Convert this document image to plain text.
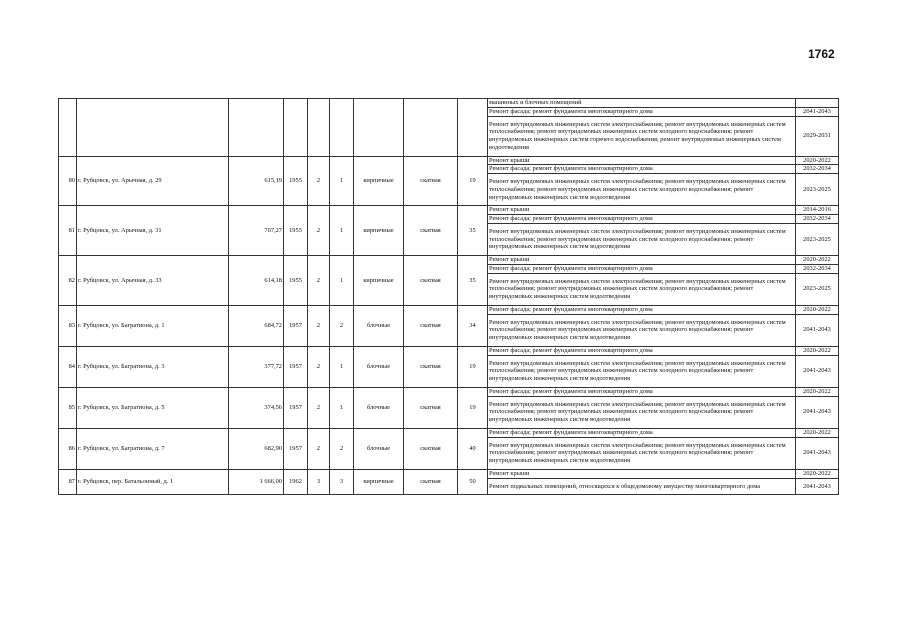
1762
									машинных и блочных помещений	
									Ремонт фасада; ремонт фундамента многоквартирного дома	2041-2043
									Ремонт внутридомовых инженерных систем электроснабжения; ремонт внутридомовых инженерных систем теплоснабжения; ремонт внутридомовых инженерных систем холодного водоснабжения; ремонт внутридомовых инженерных систем горячего водоснабжения; ремонт внутридомовых инженерных систем водоотведения	2029-2031
80	г. Рубцовск, ул. Арычная, д. 29	615,19	1955	2	1	кирпичные	скатная	19	Ремонт крыши	2020-2022
									Ремонт фасада; ремонт фундамента многоквартирного дома	2032-2034
									Ремонт внутридомовых инженерных систем электроснабжения; ремонт внутридомовых инженерных систем теплоснабжения; ремонт внутридомовых инженерных систем холодного водоснабжения; ремонт внутридомовых инженерных систем водоотведения	2023-2025
81	г. Рубцовск, ул. Арычная, д. 31	707,27	1955	2	1	кирпичные	скатная	35	Ремонт крыши	2014-2016
									Ремонт фасада; ремонт фундамента многоквартирного дома	2032-2034
									Ремонт внутридомовых инженерных систем электроснабжения; ремонт внутридомовых инженерных систем теплоснабжения; ремонт внутридомовых инженерных систем холодного водоснабжения; ремонт внутридомовых инженерных систем водоотведения	2023-2025
82	г. Рубцовск, ул. Арычная, д. 33	614,18	1955	2	1	кирпичные	скатная	35	Ремонт крыши	2020-2022
									Ремонт фасада; ремонт фундамента многоквартирного дома	2032-2034
									Ремонт внутридомовых инженерных систем электроснабжения; ремонт внутридомовых инженерных систем теплоснабжения; ремонт внутридомовых инженерных систем холодного водоснабжения; ремонт внутридомовых инженерных систем водоотведения	2023-2025
83	г. Рубцовск, ул. Багратиона, д. 1	684,72	1957	2	2	блочные	скатная	34	Ремонт фасада; ремонт фундамента многоквартирного дома	2020-2022
									Ремонт внутридомовых инженерных систем электроснабжения; ремонт внутридомовых инженерных систем теплоснабжения; ремонт внутридомовых инженерных систем холодного водоснабжения; ремонт внутридомовых инженерных систем водоотведения	2041-2043
84	г. Рубцовск, ул. Багратиона, д. 3	377,72	1957	2	1	блочные	скатная	19	Ремонт фасада; ремонт фундамента многоквартирного дома	2020-2022
									Ремонт внутридомовых инженерных систем электроснабжения; ремонт внутридомовых инженерных систем теплоснабжения; ремонт внутридомовых инженерных систем холодного водоснабжения; ремонт внутридомовых инженерных систем водоотведения	2041-2043
85	г. Рубцовск, ул. Багратиона, д. 5	374,56	1957	2	1	блочные	скатная	19	Ремонт фасада; ремонт фундамента многоквартирного дома	2020-2022
									Ремонт внутридомовых инженерных систем электроснабжения; ремонт внутридомовых инженерных систем теплоснабжения; ремонт внутридомовых инженерных систем холодного водоснабжения; ремонт внутридомовых инженерных систем водоотведения	2041-2043
86	г. Рубцовск, ул. Багратиона, д. 7	682,90	1957	2	2	блочные	скатная	40	Ремонт фасада; ремонт фундамента многоквартирного дома	2020-2022
									Ремонт внутридомовых инженерных систем электроснабжения; ремонт внутридомовых инженерных систем теплоснабжения; ремонт внутридомовых инженерных систем холодного водоснабжения; ремонт внутридомовых инженерных систем водоотведения	2041-2043
87	г. Рубцовск, пер. Батальонный, д. 1	1 666,00	1962	3	3	кирпичные	скатная	50	Ремонт крыши	2020-2022
									Ремонт подвальных помещений, относящихся к общедомовому имуществу многоквартирного дома	2041-2043
